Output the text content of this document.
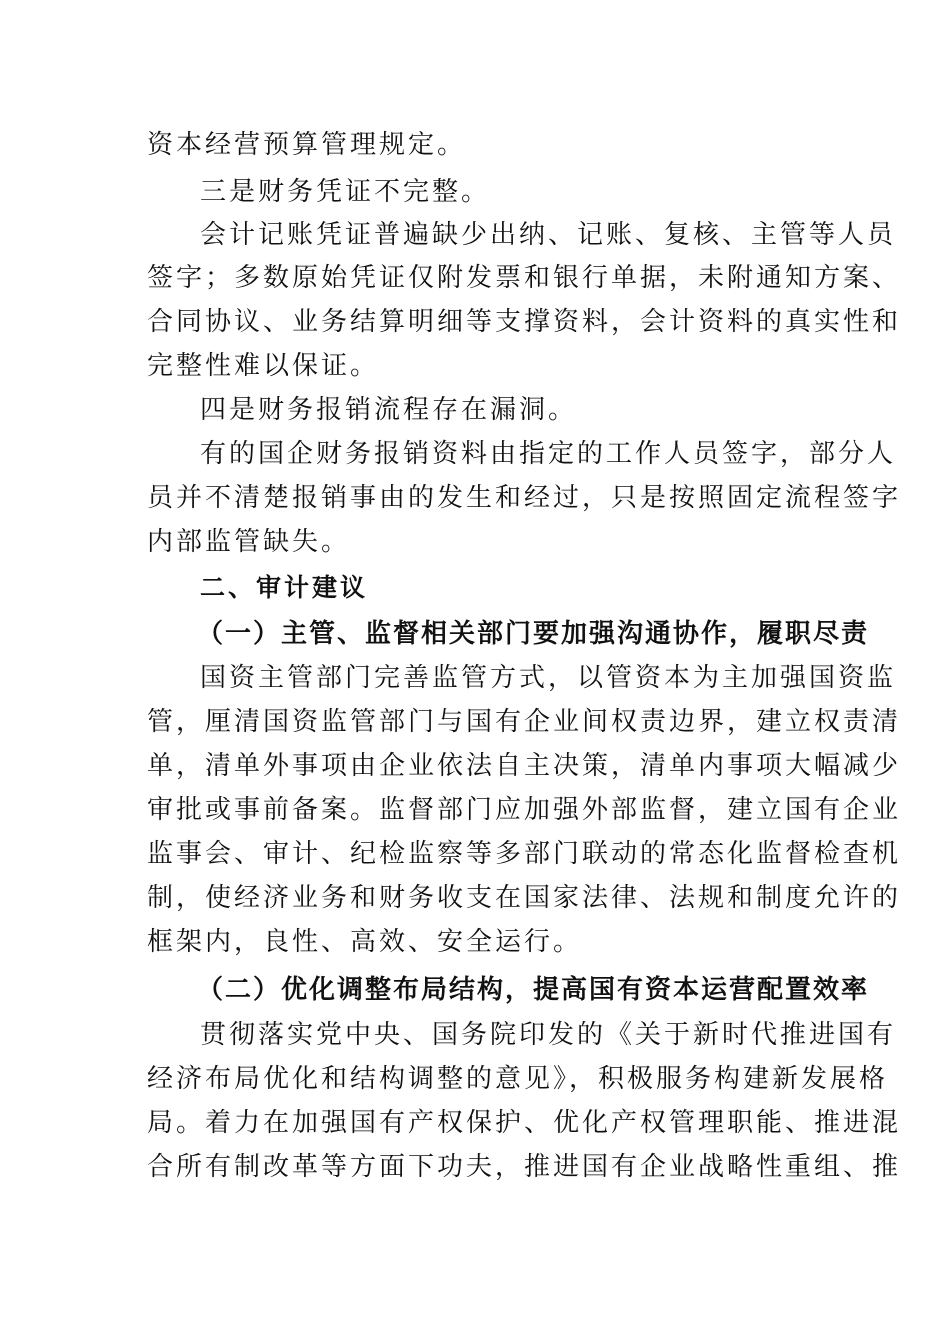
资本经营预算管理规定。
三是财务凭证不完整。
会计记账凭证普遍缺少出纳、记账、复核、主管等人员
签字；多数原始凭证仅附发票和银行单据，未附通知方案、
合同协议、业务结算明细等支撑资料，会计资料的真实性和
完整性难以保证。
四是财务报销流程存在漏洞。
有的国企财务报销资料由指定的工作人员签字，部分人
员并不清楚报销事由的发生和经过，只是按照固定流程签字
内部监管缺失。
二、审计建议
（一）主管、监督相关部门要加强沟通协作，履职尽责
国资主管部门完善监管方式，以管资本为主加强国资监
管，厘清国资监管部门与国有企业间权责边界，建立权责清
单，清单外事项由企业依法自主决策，清单内事项大幅减少
审批或事前备案。监督部门应加强外部监督，建立国有企业
监事会、审计、纪检监察等多部门联动的常态化监督检查机
制，使经济业务和财务收支在国家法律、法规和制度允许的
框架内，良性、高效、安全运行。
（二）优化调整布局结构，提高国有资本运营配置效率
贯彻落实党中央、国务院印发的《关于新时代推进国有
经济布局优化和结构调整的意见》，积极服务构建新发展格
局。着力在加强国有产权保护、优化产权管理职能、推进混
合所有制改革等方面下功夫，推进国有企业战略性重组、推
